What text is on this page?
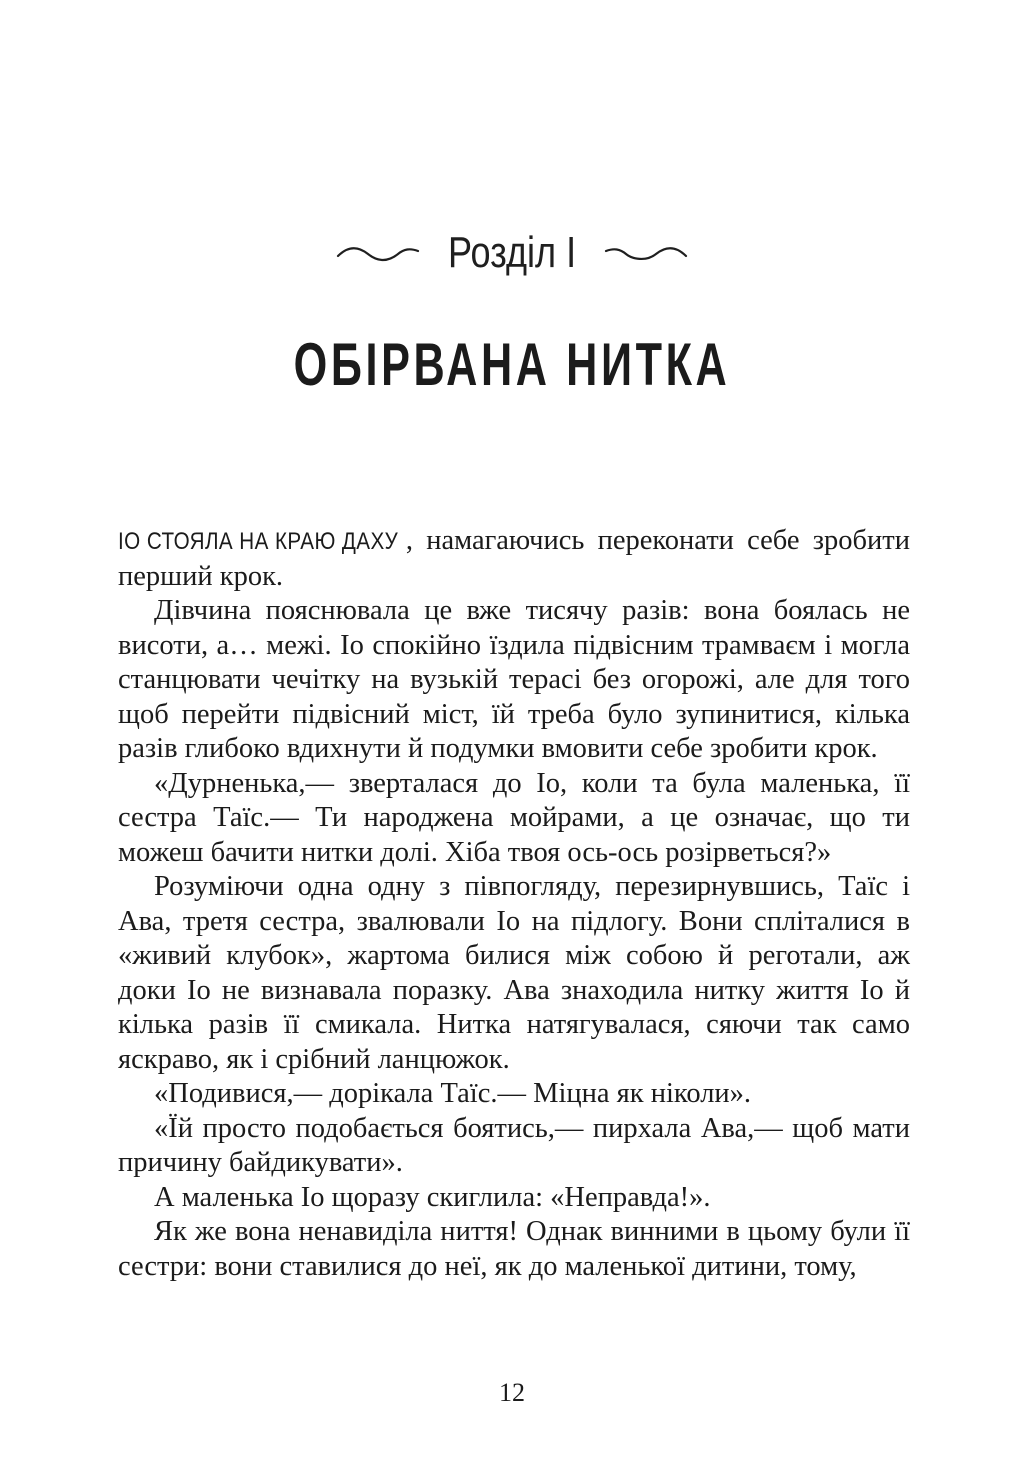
Розділ I
ОБІРВАНА НИТКА

ІО СТОЯЛА НА КРАЮ ДАХУ , намагаючись переконати себе зробити перший крок.

Дівчина пояснювала це вже тисячу разів: вона боялась не висоти, а… межі. Іо спокійно їздила підвісним трамваєм і могла станцювати чечітку на вузькій терасі без огорожі, але для того щоб перейти підвісний міст, їй треба було зупинитися, кілька разів глибоко вдихнути й подумки вмовити себе зробити крок.

«Дурненька,— зверталася до Іо, коли та була маленька, її сестра Таїс.— Ти народжена мойрами, а це означає, що ти можеш бачити нитки долі. Хіба твоя ось-ось розірветься?»

Розуміючи одна одну з півпогляду, перезирнувшись, Таїс і Ава, третя сестра, звалювали Іо на підлогу. Вони спліталися в «живий клубок», жартома билися між собою й реготали, аж доки Іо не визнавала поразку. Ава знаходила нитку життя Іо й кілька разів її смикала. Нитка натягувалася, сяючи так само яскраво, як і срібний ланцюжок.

«Подивися,— дорікала Таїс.— Міцна як ніколи».

«Їй просто подобається боятись,— пирхала Ава,— щоб мати причину байдикувати».

А маленька Іо щоразу скиглила: «Неправда!».

Як же вона ненавиділа ниття! Однак винними в цьому були її сестри: вони ставилися до неї, як до маленької дитини, тому,

12
